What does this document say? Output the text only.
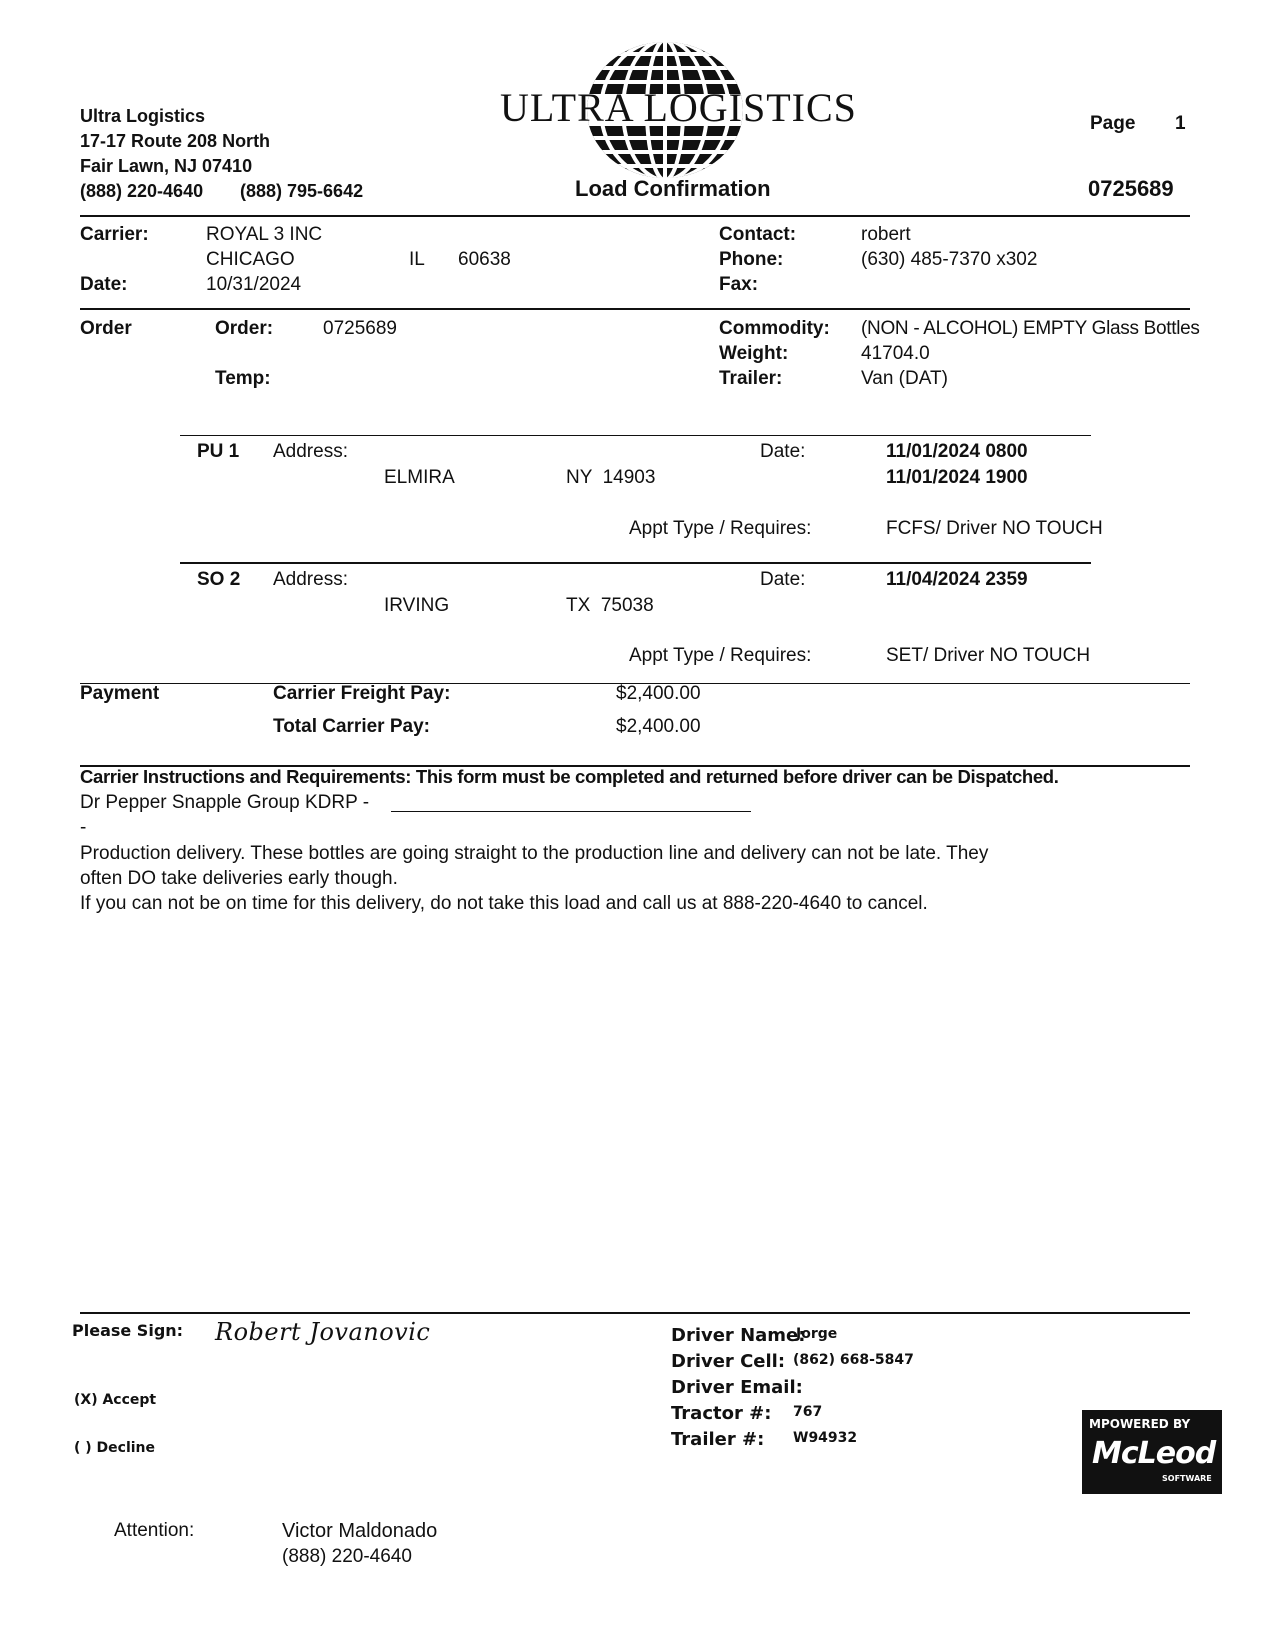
Ultra Logistics
17-17 Route 208 North
Fair Lawn, NJ 07410
(888) 220-4640 (888) 795-6642
ULTRA LOGISTICS
Load Confirmation
Page 1
0725689
Carrier:	ROYAL 3 INC
CHICAGO	IL 60638
Date:	10/31/2024
Contact:	robert
Phone:	(630) 485-7370 x302
Fax:
Order	Order:	0725689
Temp:
Commodity: (NON - ALCOHOL) EMPTY Glass Bottles
Weight:	41704.0
Trailer:	Van (DAT)
PU 1 Address:
ELMIRA	NY  14903
Date:	11/01/2024 0800
11/01/2024 1900
Appt Type / Requires:	FCFS/ Driver NO TOUCH
SO 2 Address:
IRVING	TX  75038
Date:	11/04/2024 2359
Appt Type / Requires:	SET/ Driver NO TOUCH
Payment	Carrier Freight Pay:	$2,400.00
Total Carrier Pay:	$2,400.00
Carrier Instructions and Requirements: This form must be completed and returned before driver can be Dispatched.
Dr Pepper Snapple Group KDRP -
-
Production delivery. These bottles are going straight to the production line and delivery can not be late. They
often DO take deliveries early though.
If you can not be on time for this delivery, do not take this load and call us at 888-220-4640 to cancel.
Please Sign: Robert Jovanovic
(X) Accept
( ) Decline
Driver Name:
Jorge
Driver Cell: (862) 668-5847
Driver Email:
Tractor #: 767
Trailer #: W94932
MPOWERED BY
McLeod
SOFTWARE
Attention:	Victor Maldonado
(888) 220-4640
